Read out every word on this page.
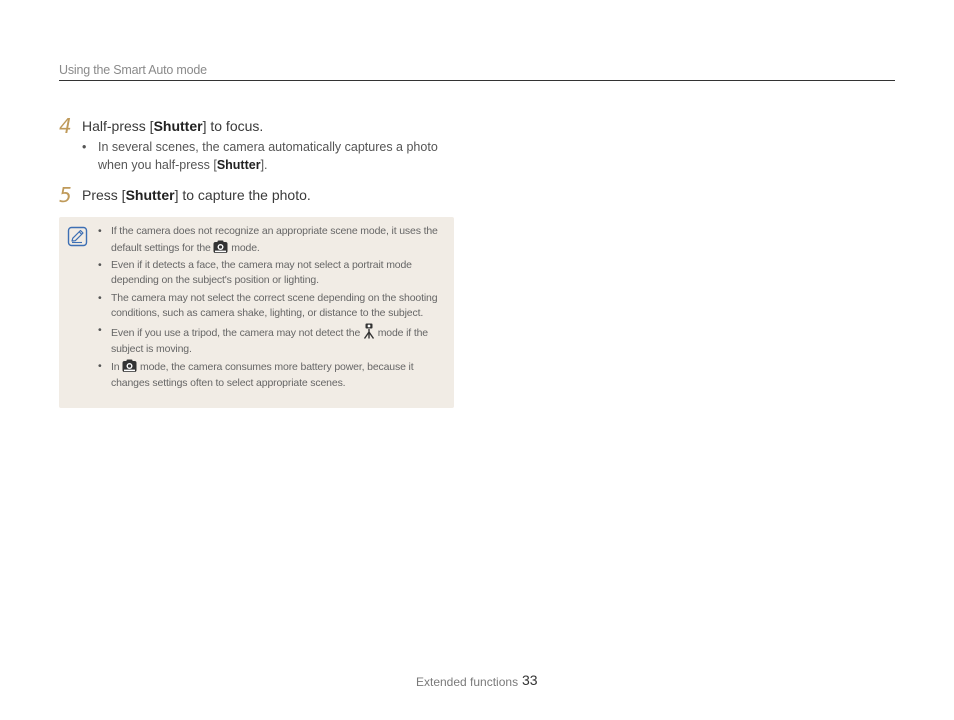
Using the Smart Auto mode
4 Half-press [Shutter] to focus.
• In several scenes, the camera automatically captures a photo when you half-press [Shutter].
5 Press [Shutter] to capture the photo.
• If the camera does not recognize an appropriate scene mode, it uses the default settings for the  mode.
• Even if it detects a face, the camera may not select a portrait mode depending on the subject's position or lighting.
• The camera may not select the correct scene depending on the shooting conditions, such as camera shake, lighting, or distance to the subject.
• Even if you use a tripod, the camera may not detect the  mode if the subject is moving.
• In  mode, the camera consumes more battery power, because it changes settings often to select appropriate scenes.
Extended functions 33
